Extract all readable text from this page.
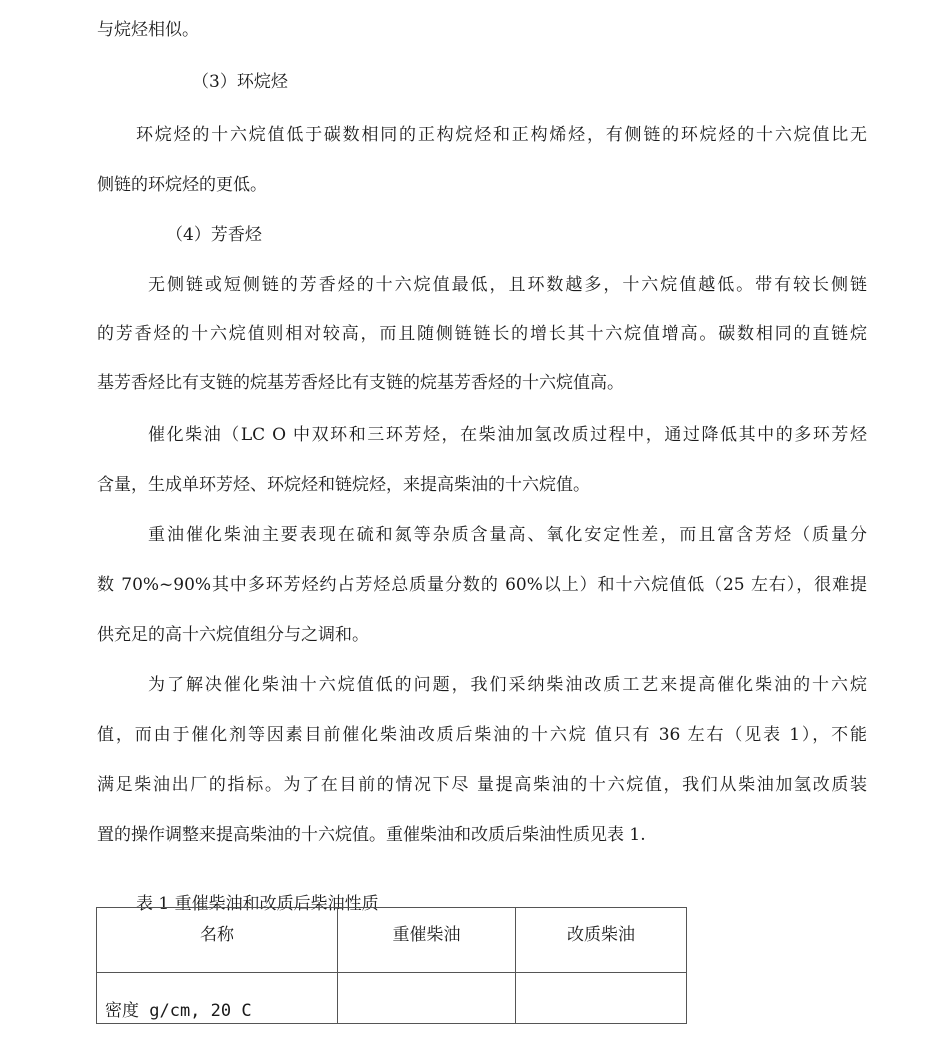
与烷烃相似。
（3）环烷烃
环烷烃的十六烷值低于碳数相同的正构烷烃和正构烯烃，有侧链的环烷烃的十六烷值比无
侧链的环烷烃的更低。
（4）芳香烃
无侧链或短侧链的芳香烃的十六烷值最低，且环数越多，十六烷值越低。带有较长侧链
的芳香烃的十六烷值则相对较高，而且随侧链链长的增长其十六烷值增高。碳数相同的直链烷
基芳香烃比有支链的烷基芳香烃比有支链的烷基芳香烃的十六烷值高。
催化柴油（LC O 中双环和三环芳烃，在柴油加氢改质过程中，通过降低其中的多环芳烃
含量，生成单环芳烃、环烷烃和链烷烃，来提高柴油的十六烷值。
重油催化柴油主要表现在硫和氮等杂质含量高、氧化安定性差，而且富含芳烃（质量分
数 70%~90%其中多环芳烃约占芳烃总质量分数的 60%以上）和十六烷值低（25 左右），很难提
供充足的高十六烷值组分与之调和。
为了解决催化柴油十六烷值低的问题，我们采纳柴油改质工艺来提高催化柴油的十六烷
值，而由于催化剂等因素目前催化柴油改质后柴油的十六烷 值只有 36 左右（见表 1），不能
满足柴油出厂的指标。为了在目前的情况下尽 量提高柴油的十六烷值，我们从柴油加氢改质装
置的操作调整来提高柴油的十六烷值。重催柴油和改质后柴油性质见表 1.
表 1 重催柴油和改质后柴油性质
名称	重催柴油	改质柴油
密度 g/cm, 20 C		
